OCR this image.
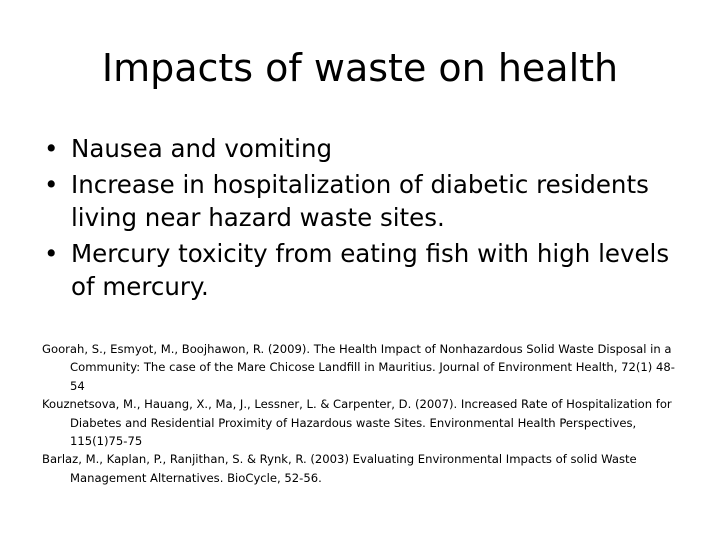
Impacts of waste on health
• Nausea and vomiting
• Increase in hospitalization of diabetic residents living near hazard waste sites.
• Mercury toxicity from eating fish with high levels of mercury.

Goorah, S., Esmyot, M., Boojhawon, R. (2009). The Health Impact of Nonhazardous Solid Waste Disposal in a Community: The case of the Mare Chicose Landfill in Mauritius. Journal of Environment Health, 72(1) 48-54

Kouznetsova, M., Hauang, X., Ma, J., Lessner, L. & Carpenter, D. (2007). Increased Rate of Hospitalization for Diabetes and Residential Proximity of Hazardous waste Sites. Environmental Health Perspectives, 115(1)75-75

Barlaz, M., Kaplan, P., Ranjithan, S. & Rynk, R. (2003) Evaluating Environmental Impacts of solid Waste Management Alternatives. BioCycle, 52-56.
